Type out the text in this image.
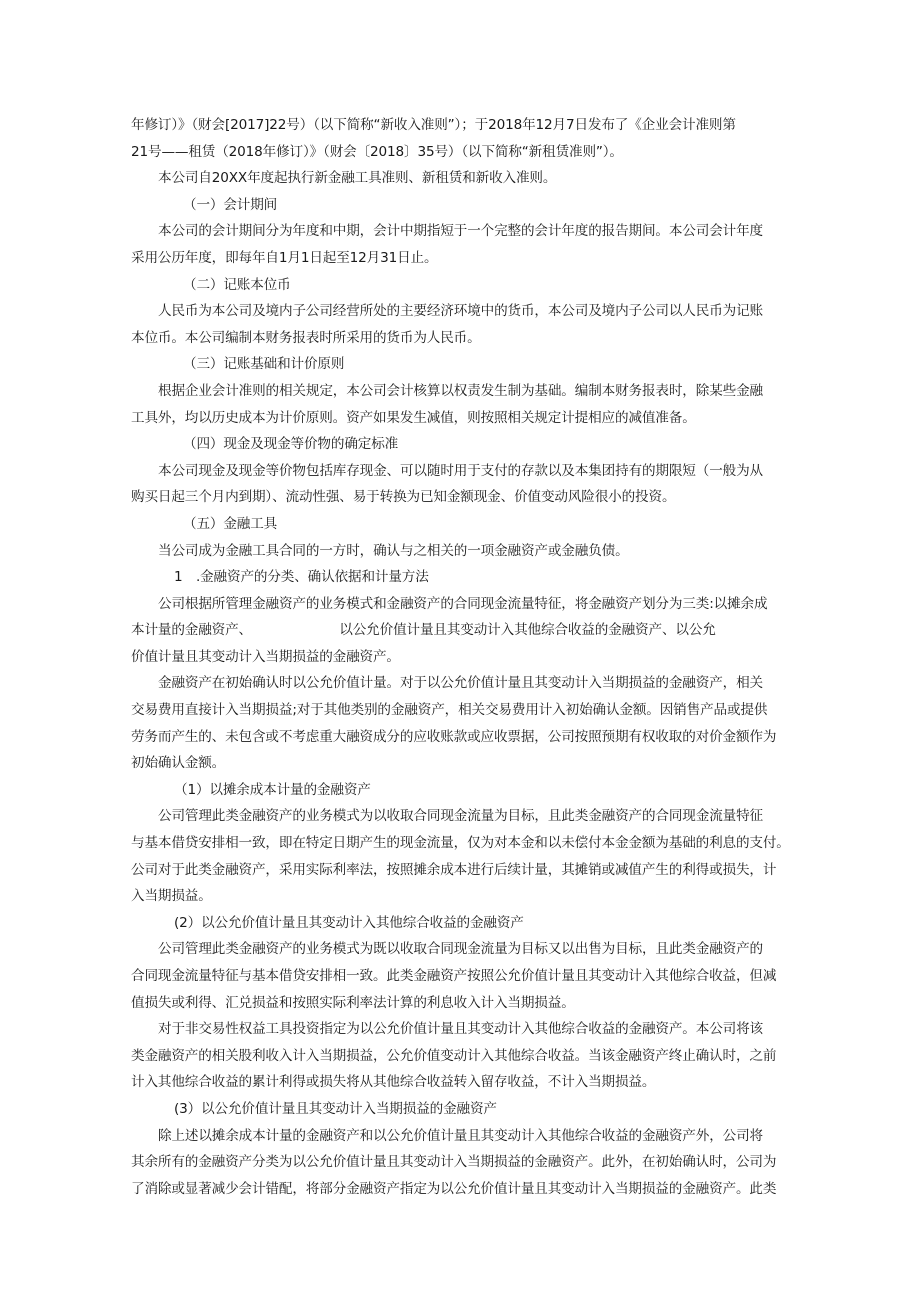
年修订）》（财会[2017]22号）（以下简称“新收入准则”）；于2018年12月7日发布了《企业会计准则第
21号——租赁（2018年修订）》（财会〔2018〕35号）（以下简称“新租赁准则”）。
本公司自20XX年度起执行新金融工具准则、新租赁和新收入准则。
（一）会计期间
本公司的会计期间分为年度和中期，会计中期指短于一个完整的会计年度的报告期间。本公司会计年度
采用公历年度，即每年自1月1日起至12月31日止。
（二）记账本位币
人民币为本公司及境内子公司经营所处的主要经济环境中的货币，本公司及境内子公司以人民币为记账
本位币。本公司编制本财务报表时所采用的货币为人民币。
（三）记账基础和计价原则
根据企业会计准则的相关规定，本公司会计核算以权责发生制为基础。编制本财务报表时，除某些金融
工具外，均以历史成本为计价原则。资产如果发生减值，则按照相关规定计提相应的减值准备。
（四）现金及现金等价物的确定标准
本公司现金及现金等价物包括库存现金、可以随时用于支付的存款以及本集团持有的期限短（一般为从
购买日起三个月内到期）、流动性强、易于转换为已知金额现金、价值变动风险很小的投资。
（五）金融工具
当公司成为金融工具合同的一方时，确认与之相关的一项金融资产或金融负债。
1　.金融资产的分类、确认依据和计量方法
公司根据所管理金融资产的业务模式和金融资产的合同现金流量特征，将金融资产划分为三类:以摊余成
本计量的金融资产、　　　　　　　以公允价值计量且其变动计入其他综合收益的金融资产、以公允
价值计量且其变动计入当期损益的金融资产。
金融资产在初始确认时以公允价值计量。对于以公允价值计量且其变动计入当期损益的金融资产，相关
交易费用直接计入当期损益;对于其他类别的金融资产，相关交易费用计入初始确认金额。因销售产品或提供
劳务而产生的、未包含或不考虑重大融资成分的应收账款或应收票据，公司按照预期有权收取的对价金额作为
初始确认金额。
（1）以摊余成本计量的金融资产
公司管理此类金融资产的业务模式为以收取合同现金流量为目标，且此类金融资产的合同现金流量特征
与基本借贷安排相一致，即在特定日期产生的现金流量，仅为对本金和以未偿付本金金额为基础的利息的支付。
公司对于此类金融资产，采用实际利率法，按照摊余成本进行后续计量，其摊销或减值产生的利得或损失，计
入当期损益。
(2）以公允价值计量且其变动计入其他综合收益的金融资产
公司管理此类金融资产的业务模式为既以收取合同现金流量为目标又以出售为目标，且此类金融资产的
合同现金流量特征与基本借贷安排相一致。此类金融资产按照公允价值计量且其变动计入其他综合收益，但减
值损失或利得、汇兑损益和按照实际利率法计算的利息收入计入当期损益。
对于非交易性权益工具投资指定为以公允价值计量且其变动计入其他综合收益的金融资产。本公司将该
类金融资产的相关股利收入计入当期损益，公允价值变动计入其他综合收益。当该金融资产终止确认时，之前
计入其他综合收益的累计利得或损失将从其他综合收益转入留存收益，不计入当期损益。
(3）以公允价值计量且其变动计入当期损益的金融资产
除上述以摊余成本计量的金融资产和以公允价值计量且其变动计入其他综合收益的金融资产外，公司将
其余所有的金融资产分类为以公允价值计量且其变动计入当期损益的金融资产。此外，在初始确认时，公司为
了消除或显著减少会计错配，将部分金融资产指定为以公允价值计量且其变动计入当期损益的金融资产。此类
